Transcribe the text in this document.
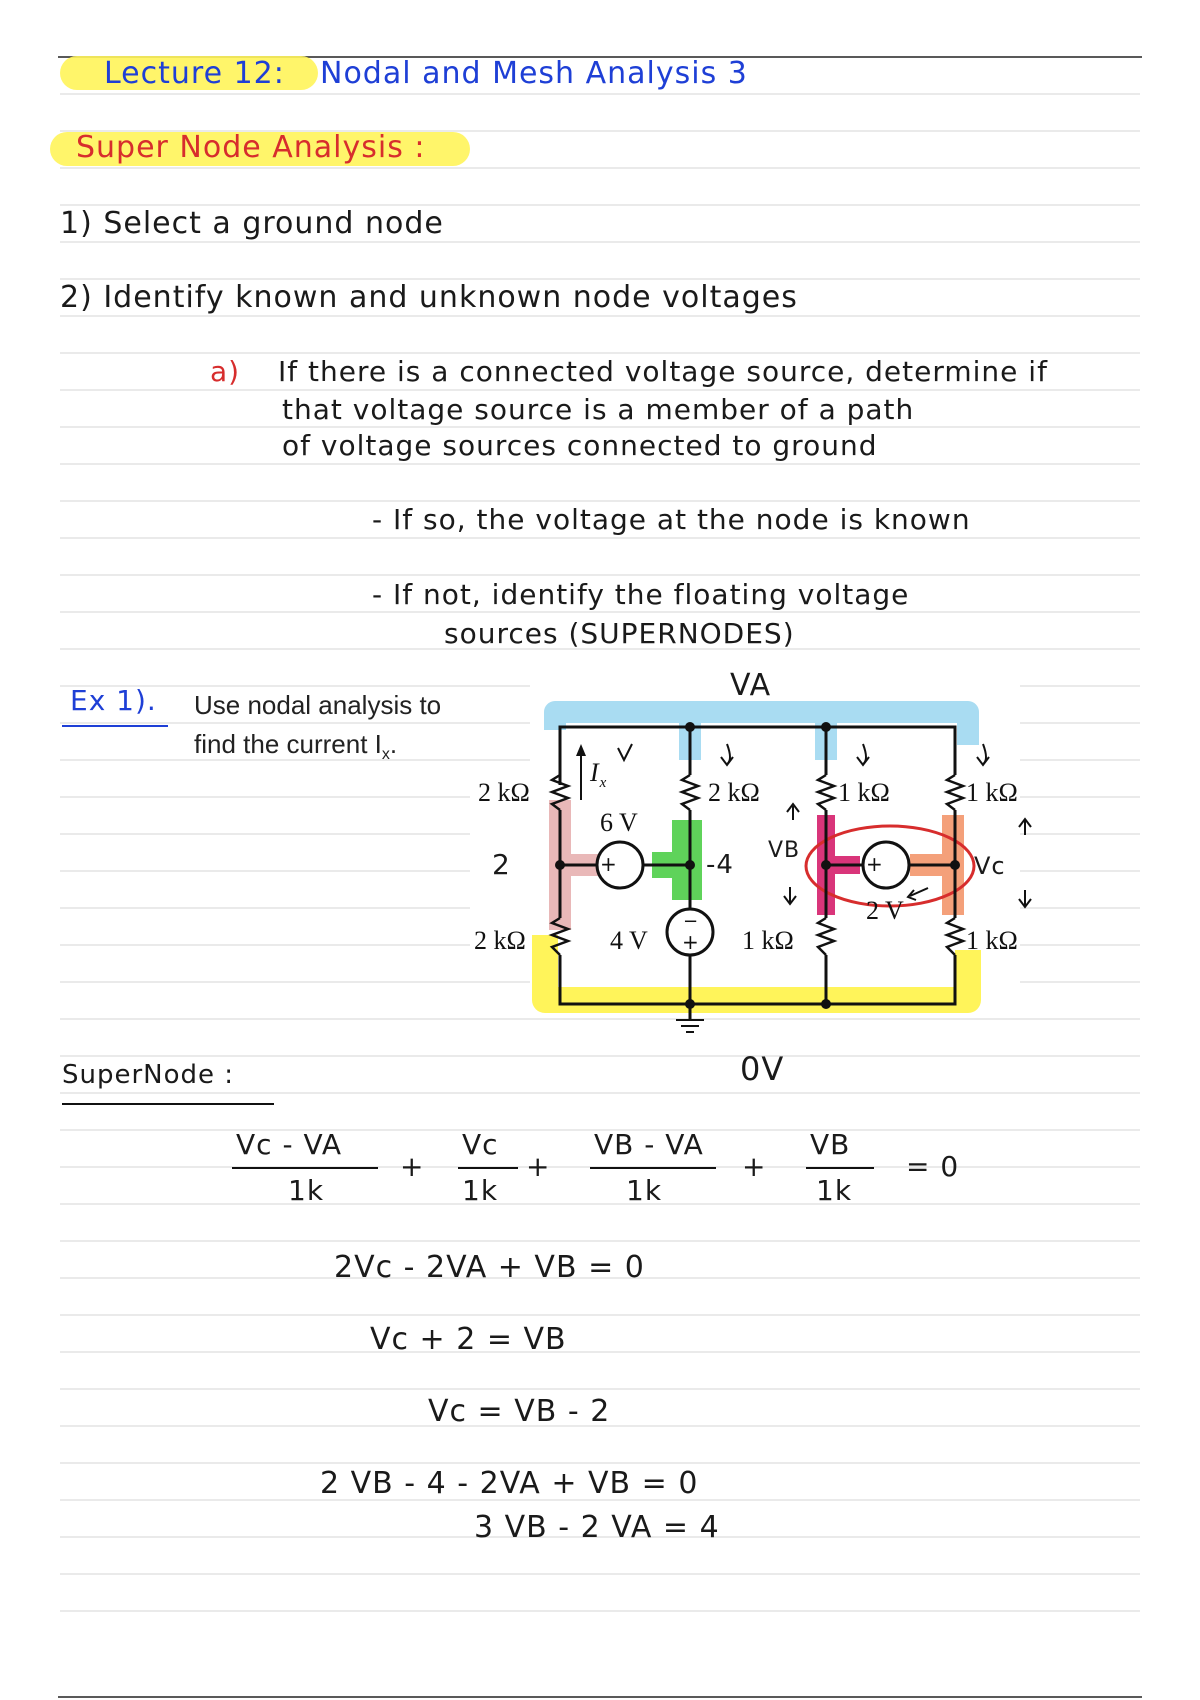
Lecture 12: Nodal and Mesh Analysis 3
Super Node Analysis :
1) Select a ground node
2) Identify known and unknown node voltages
a) If there is a connected voltage source, determine if
that voltage source is a member of a path
of voltage sources connected to ground
- If so, the voltage at the node is known
- If not, identify the floating voltage
sources (SUPERNODES)
Ex 1). Use nodal analysis to
find the current $I_x$.
VA
2	-4 VB
Vc
0V
$I_x$
2 kΩ
2 kΩ
2 kΩ	1 kΩ	1 kΩ
1 kΩ	1 kΩ
6 V
4 V
2 V
+	+
−
+
SuperNode :
Vc - VA
1k
+
Vc
1k
+
VB - VA
1k
+
VB
1k
= 0
2Vc - 2VA + VB = 0
Vc + 2 = VB
Vc = VB - 2
2 VB - 4 - 2VA + VB = 0
3 VB - 2 VA = 4
